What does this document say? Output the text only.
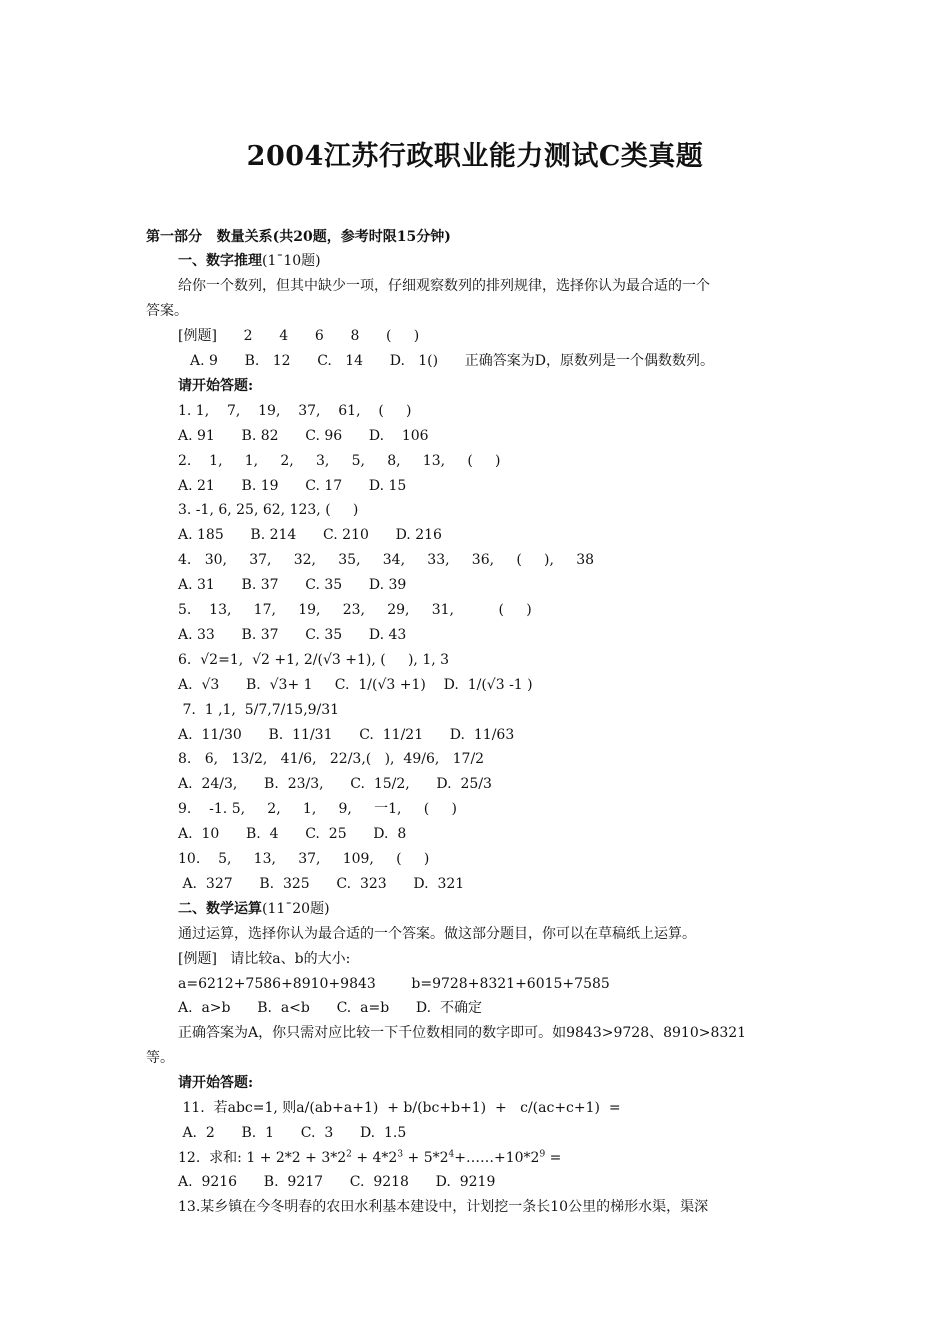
2004江苏行政职业能力测试C类真题
第一部分   数量关系(共20题，参考时限15分钟)
一、数字推理(1¯10题)
给你一个数列，但其中缺少一项，仔细观察数列的排列规律，选择你认为最合适的一个
答案。
[例题]      2      4      6      8      (     )
A. 9      B.   12      C.   14      D.   1()      正确答案为D，原数列是一个偶数数列。
请开始答题:
1. 1,    7,    19,    37,    61,    (     )
A. 91      B. 82      C. 96      D.    106
2.    1,     1,     2,     3,     5,     8,     13,     (     )
A. 21      B. 19      C. 17      D. 15
3. -1, 6, 25, 62, 123, (     )
A. 185      B. 214      C. 210      D. 216
4.   30,     37,     32,     35,     34,     33,     36,     (     ),     38
A. 31      B. 37      C. 35      D. 39
5.    13,     17,     19,     23,     29,     31,          (     )
A. 33      B. 37      C. 35      D. 43
6.  √2=1,  √2 +1, 2/(√3 +1), (     ), 1, 3
A.  √3      B.  √3+ 1     C.  1/(√3 +1)    D.  1/(√3 -1 )
7.  1 ,1,  5/7,7/15,9/31
A.  11/30      B.  11/31      C.  11/21      D.  11/63
8.   6,   13/2,   41/6,   22/3,(   ),  49/6,   17/2
A.  24/3,      B.  23/3,      C.  15/2,      D.  25/3
9.    -1. 5,     2,     1,     9,     一1,     (     )
A.  10      B.  4      C.  25      D.  8
10.    5,     13,     37,     109,     (     )
A.  327      B.  325      C.  323      D.  321
二、数学运算(11¯20题)
通过运算，选择你认为最合适的一个答案。做这部分题目，你可以在草稿纸上运算。
[例题]   请比较a、b的大小:
a=6212+7586+8910+9843        b=9728+8321+6015+7585
A.  a>b      B.  a<b      C.  a=b      D.  不确定
正确答案为A，你只需对应比较一下千位数相同的数字即可。如9843>9728、8910>8321
等。
请开始答题:
11.  若abc=1, 则a/(ab+a+1)  + b/(bc+b+1)  +   c/(ac+c+1)  =
A.  2      B.  1      C.  3      D.  1.5
12.  求和: $1 + 2*2 + 3*2^2 + 4*2^3$ + $5*2^4+\dots\dots+10*2^9$ =
A.  9216      B.  9217      C.  9218      D.  9219
13.某乡镇在今冬明春的农田水利基本建设中，计划挖一条长10公里的梯形水渠，渠深
